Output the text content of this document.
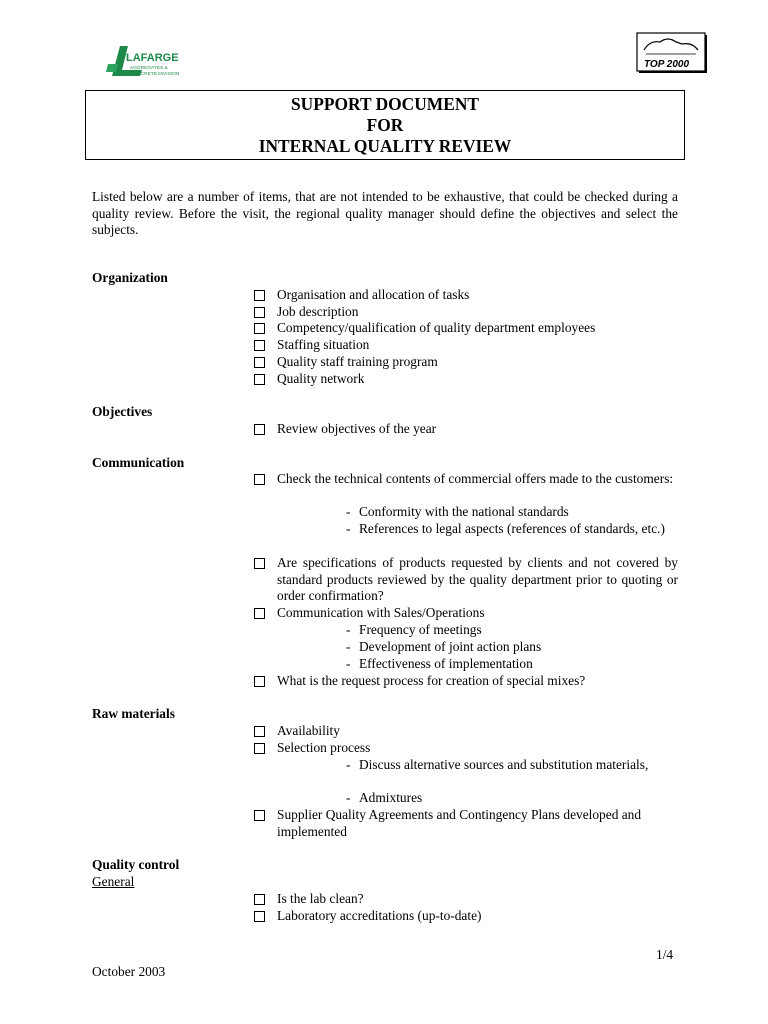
LAFARGE
AGGREGATES &
CONCRETE DIVISION
TOP 2000
SUPPORT DOCUMENT
FOR
INTERNAL QUALITY REVIEW
Listed below are a number of items, that are not intended to be exhaustive, that could be checked during a quality review. Before the visit, the regional quality manager should define the objectives and select the subjects.
Organization
Organisation and allocation of tasks
Job description
Competency/qualification of quality department employees
Staffing situation
Quality staff training program
Quality network
Objectives
Review objectives of the year
Communication
Check the technical contents of commercial offers made to the customers:
- Conformity with the national standards
- References to legal aspects (references of standards, etc.)
Are specifications of products requested by clients and not covered by standard products reviewed by the quality department prior to quoting or order confirmation?
Communication with Sales/Operations
- Frequency of meetings
- Development of joint action plans
- Effectiveness of implementation
What is the request process for creation of special mixes?
Raw materials
Availability
Selection process
- Discuss alternative sources and substitution materials,
- Admixtures
Supplier Quality Agreements and Contingency Plans developed and implemented
Quality control
General
Is the lab clean?
Laboratory accreditations (up-to-date)
1/4
October 2003
